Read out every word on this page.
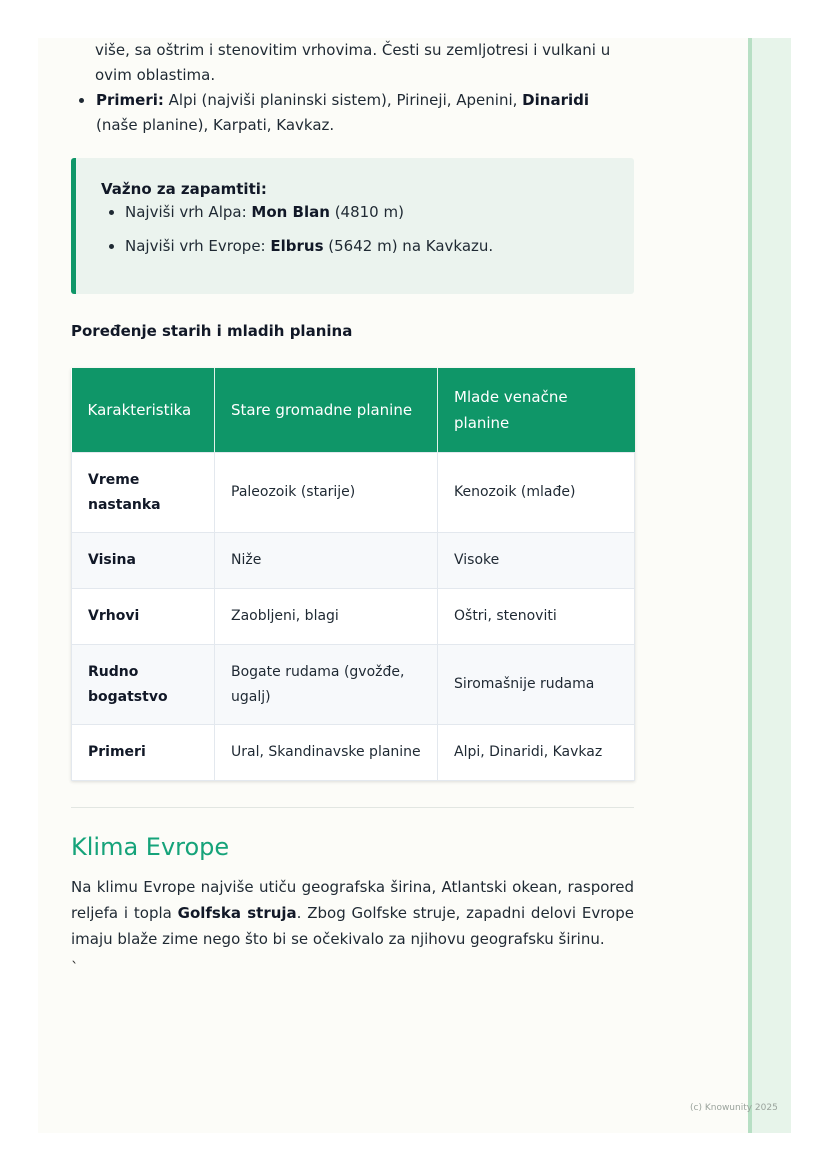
više, sa oštrim i stenovitim vrhovima. Česti su zemljotresi i vulkani u ovim oblastima.

Primeri: Alpi (najviši planinski sistem), Pirineji, Apenini, Dinaridi (naše planine), Karpati, Kavkaz.
Važno za zapamtiti:
Najviši vrh Alpa: Mon Blan (4810 m)
Najviši vrh Evrope: Elbrus (5642 m) na Kavkazu.
Poređenje starih i mladih planina
Karakteristika	Stare gromadne planine	Mlade venačne planine
Vreme nastanka	Paleozoik (starije)	Kenozoik (mlađe)
Visina	Niže	Visoke
Vrhovi	Zaobljeni, blagi	Oštri, stenoviti
Rudno bogatstvo	Bogate rudama (gvožđe, ugalj)	Siromašnije rudama
Primeri	Ural, Skandinavske planine	Alpi, Dinaridi, Kavkaz
Klima Evrope

Na klimu Evrope najviše utiču geografska širina, Atlantski okean, raspored reljefa i topla Golfska struja. Zbog Golfske struje, zapadni delovi Evrope imaju blaže zime nego što bi se očekivalo za njihovu geografsku širinu.

`
(c) Knowunity 2025
